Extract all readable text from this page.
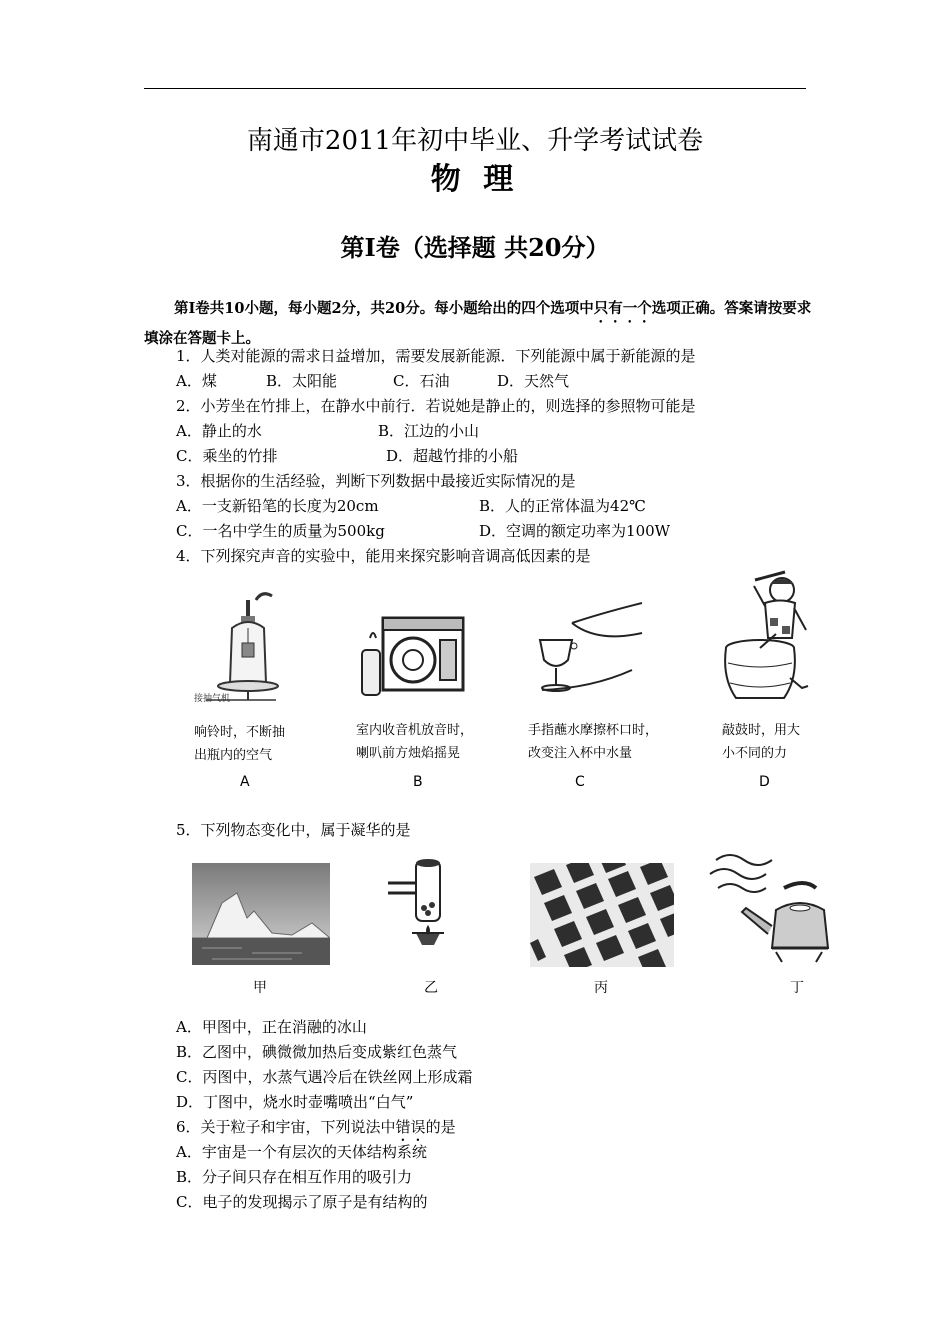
南通市2011年初中毕业、升学考试试卷
物 理
第Ⅰ卷（选择题 共20分）
第Ⅰ卷共10小题，每小题2分，共20分。每小题给出的四个选项中只有一个选项正确。答案请按要求填涂在答题卡上。
1．人类对能源的需求日益增加，需要发展新能源．下列能源中属于新能源的是
A．煤	B．太阳能	C．石油	D．天然气
2．小芳坐在竹排上，在静水中前行．若说她是静止的，则选择的参照物可能是
A．静止的水	B．江边的小山
C．乘坐的竹排	D．超越竹排的小船
3．根据你的生活经验，判断下列数据中最接近实际情况的是
A．一支新铅笔的长度为20cm	B．人的正常体温为42℃
C．一名中学生的质量为500kg	D．空调的额定功率为100W
4．下列探究声音的实验中，能用来探究影响音调高低因素的是
接抽气机
响铃时，不断抽
出瓶内的空气
A
室内收音机放音时，
喇叭前方烛焰摇晃
B
手指蘸水摩擦杯口时，
改变注入杯中水量
C
敲鼓时，用大
小不同的力
D
5．下列物态变化中，属于凝华的是
甲	乙	丙	丁
A．甲图中，正在消融的冰山
B．乙图中，碘微微加热后变成紫红色蒸气
C．丙图中，水蒸气遇冷后在铁丝网上形成霜
D．丁图中，烧水时壶嘴喷出“白气”
6．关于粒子和宇宙，下列说法中错误的是
A．宇宙是一个有层次的天体结构系统
B．分子间只存在相互作用的吸引力
C．电子的发现揭示了原子是有结构的
